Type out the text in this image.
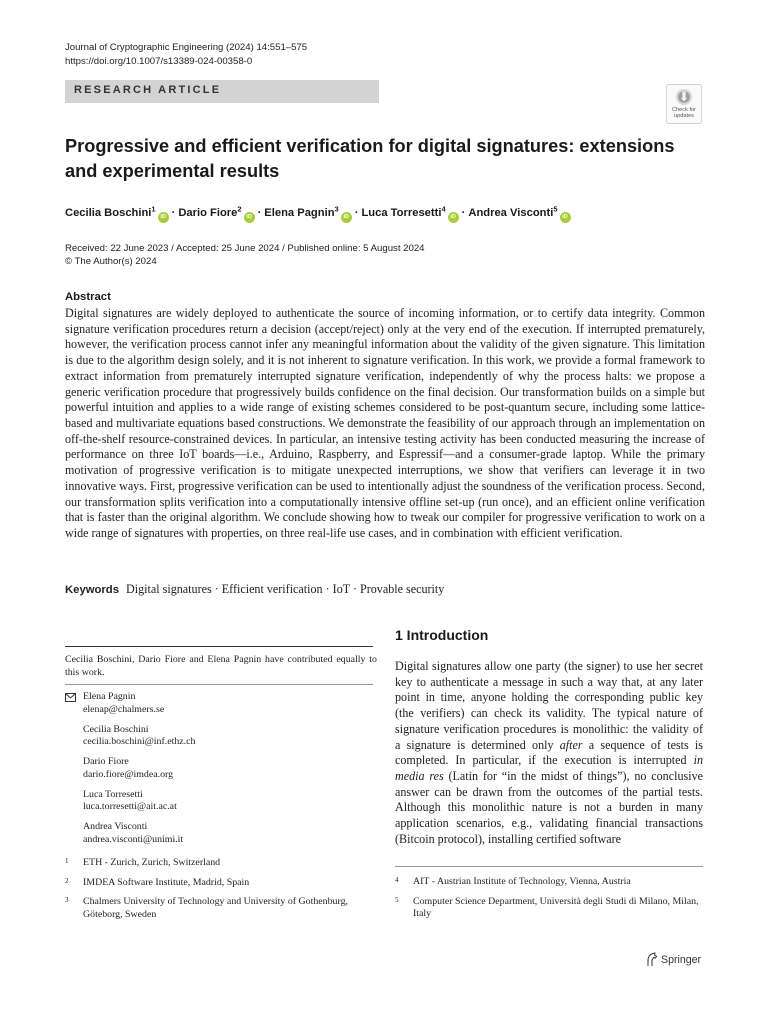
Journal of Cryptographic Engineering (2024) 14:551–575
https://doi.org/10.1007/s13389-024-00358-0
RESEARCH ARTICLE
Check for
updates
Progressive and efficient verification for digital signatures: extensions
and experimental results
Cecilia Boschini$^1$iD · Dario Fiore$^2$iD · Elena Pagnin$^3$iD · Luca Torresetti$^4$iD · Andrea Visconti$^5$iD
Received: 22 June 2023 / Accepted: 25 June 2024 / Published online: 5 August 2024
© The Author(s) 2024
Abstract
Digital signatures are widely deployed to authenticate the source of incoming information, or to certify data integrity. Common signature verification procedures return a decision (accept/reject) only at the very end of the execution. If interrupted prematurely, however, the verification process cannot infer any meaningful information about the validity of the given signature. This limitation is due to the algorithm design solely, and it is not inherent to signature verification. In this work, we provide a formal framework to extract information from prematurely interrupted signature verification, independently of why the process halts: we propose a generic verification procedure that progressively builds confidence on the final decision. Our transformation builds on a simple but powerful intuition and applies to a wide range of existing schemes considered to be post-quantum secure, including some lattice-based and multivariate equations based constructions. We demonstrate the feasibility of our approach through an implementation on off-the-shelf resource-constrained devices. In particular, an intensive testing activity has been conducted measuring the increase of performance on three IoT boards—i.e., Arduino, Raspberry, and Espressif—and a consumer-grade laptop. While the primary motivation of progressive verification is to mitigate unexpected interruptions, we show that verifiers can leverage it in two innovative ways. First, progressive verification can be used to intentionally adjust the soundness of the verification process. Second, our transformation splits verification into a computationally intensive offline set-up (run once), and an efficient online verification that is faster than the original algorithm. We conclude showing how to tweak our compiler for progressive verification to work on a wide range of signatures with properties, on three real-life use cases, and in combination with efficient verification.
Keywords Digital signatures · Efficient verification · IoT · Provable security
Cecilia Boschini, Dario Fiore and Elena Pagnin have contributed equally to this work.
Elena Pagnin
elenap@chalmers.se
Cecilia Boschini
cecilia.boschini@inf.ethz.ch
Dario Fiore
dario.fiore@imdea.org
Luca Torresetti
luca.torresetti@ait.ac.at
Andrea Visconti
andrea.visconti@unimi.it
1 ETH - Zurich, Zurich, Switzerland
2 IMDEA Software Institute, Madrid, Spain
3 Chalmers University of Technology and University of Gothenburg, Göteborg, Sweden
1 Introduction
Digital signatures allow one party (the signer) to use her secret key to authenticate a message in such a way that, at any later point in time, anyone holding the corresponding public key (the verifiers) can check its validity. The typical nature of signature verification procedures is monolithic: the validity of a signature is determined only after a sequence of tests is completed. In particular, if the execution is interrupted in media res (Latin for “in the midst of things”), no conclusive answer can be drawn from the outcomes of the partial tests. Although this monolithic nature is not a burden in many application scenarios, e.g., validating financial transactions (Bitcoin protocol), installing certified software
4 AIT - Austrian Institute of Technology, Vienna, Austria
5 Computer Science Department, Università degli Studi di Milano, Milan, Italy
Springer
